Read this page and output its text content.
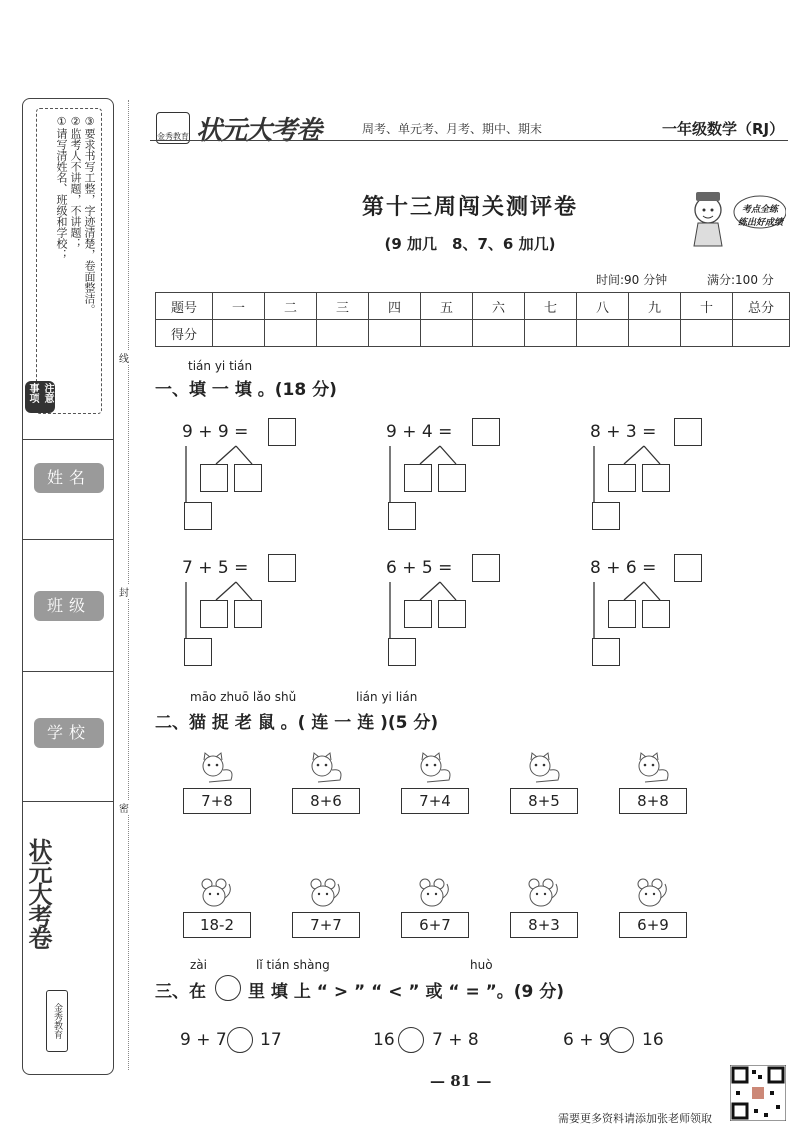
注意事项
①请写清姓名、班级和学校； ②监考人不讲题，不讲题； ③要求书写工整，字迹清楚，卷面整洁。
姓名
班级
学校
状元大考卷
金秀教育
线
封
密
金秀教育 状元大考卷	周考、单元考、月考、期中、期末	一年级数学（RJ）
第十三周闯关测评卷
(9 加几　8、7、6 加几)
考点全练
练出好成绩
时间:90 分钟	满分:100 分
题号	一	二	三	四	五	六	七	八	九	十	总分
得分											
tián yi tián
一、填 一 填 。(18 分)
9 + 9 =	9 + 4 =	8 + 3 =
7 + 5 =	6 + 5 =	8 + 6 =
māo zhuō lǎo shǔ	lián yi lián
二、猫 捉 老 鼠 。( 连 一 连 )(5 分)
7+8	8+6	7+4	8+5	8+8
18-2	7+7	6+7	8+3	6+9
zài	lǐ tián shàng	huò
三、在 里 填 上 “ > ” “ < ” 或 “ = ”。(9 分)
9 + 7 17	16 7 + 8	6 + 9 16
— 81 —
需要更多资料请添加张老师领取
